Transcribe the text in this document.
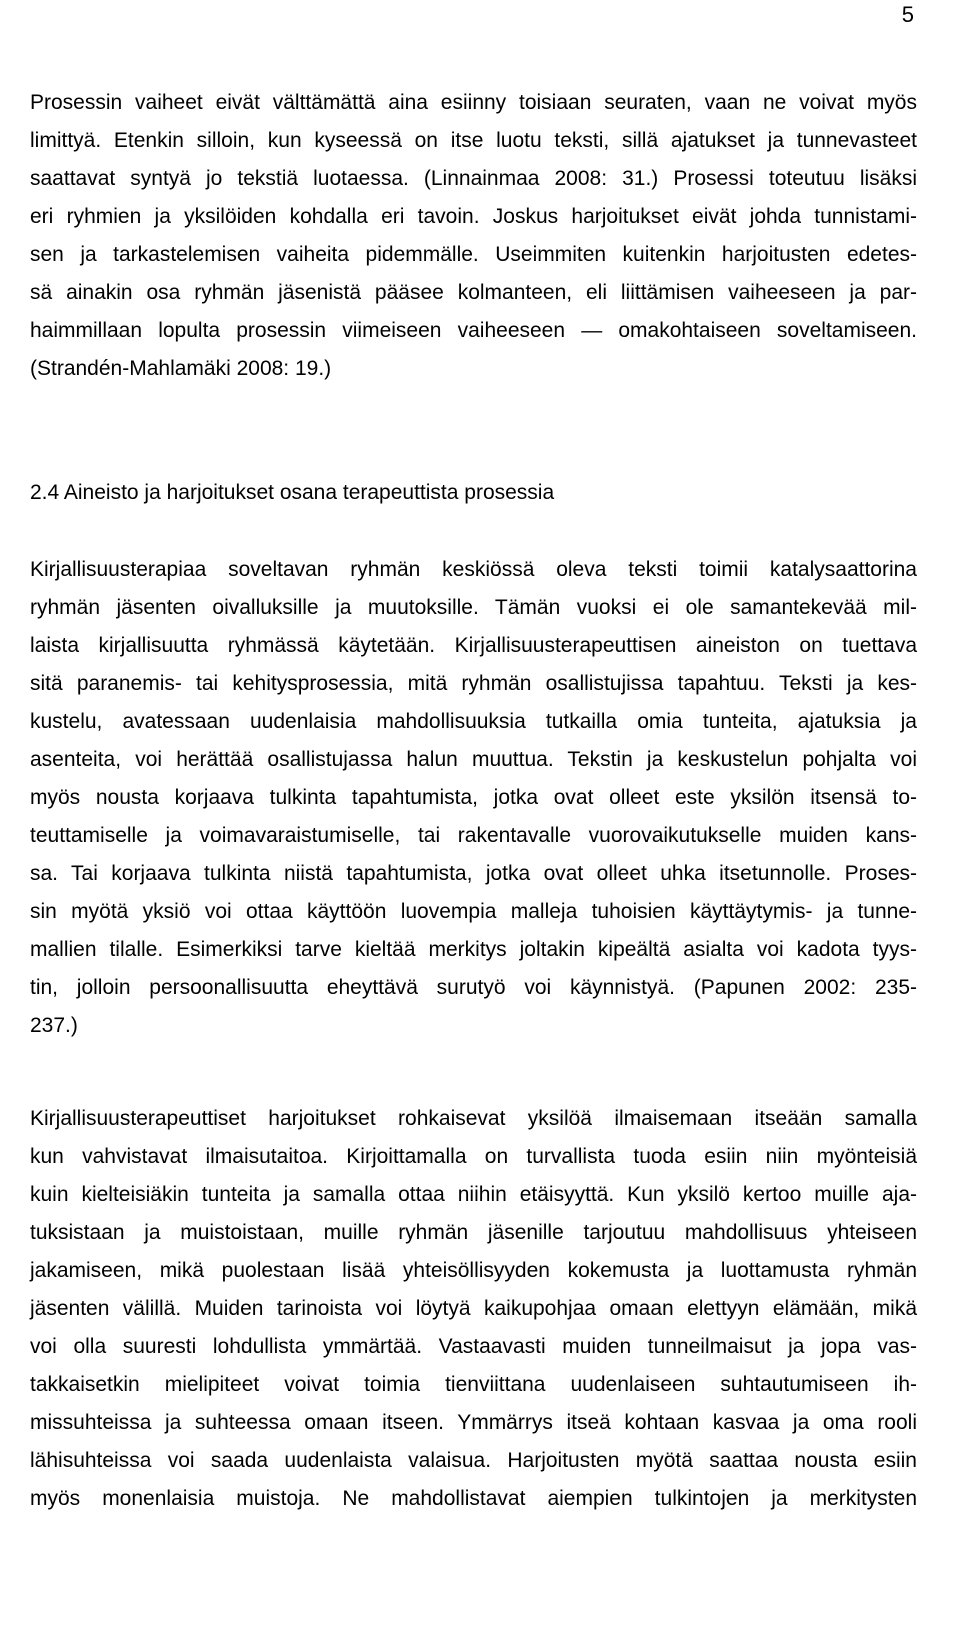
5
Prosessin vaiheet eivät välttämättä aina esiinny toisiaan seuraten, vaan ne voivat myös
limittyä. Etenkin silloin, kun kyseessä on itse luotu teksti, sillä ajatukset ja tunnevasteet
saattavat syntyä jo tekstiä luotaessa. (Linnainmaa 2008: 31.) Prosessi toteutuu lisäksi
eri ryhmien ja yksilöiden kohdalla eri tavoin. Joskus harjoitukset eivät johda tunnistami-
sen ja tarkastelemisen vaiheita pidemmälle. Useimmiten kuitenkin harjoitusten edetes-
sä ainakin osa ryhmän jäsenistä pääsee kolmanteen, eli liittämisen vaiheeseen ja par-
haimmillaan lopulta prosessin viimeiseen vaiheeseen — omakohtaiseen soveltamiseen.
(Strandén-Mahlamäki 2008: 19.)
2.4 Aineisto ja harjoitukset osana terapeuttista prosessia
Kirjallisuusterapiaa soveltavan ryhmän keskiössä oleva teksti toimii katalysaattorina
ryhmän jäsenten oivalluksille ja muutoksille. Tämän vuoksi ei ole samantekevää mil-
laista kirjallisuutta ryhmässä käytetään. Kirjallisuusterapeuttisen aineiston on tuettava
sitä paranemis- tai kehitysprosessia, mitä ryhmän osallistujissa tapahtuu. Teksti ja kes-
kustelu, avatessaan uudenlaisia mahdollisuuksia tutkailla omia tunteita, ajatuksia ja
asenteita, voi herättää osallistujassa halun muuttua. Tekstin ja keskustelun pohjalta voi
myös nousta korjaava tulkinta tapahtumista, jotka ovat olleet este yksilön itsensä to-
teuttamiselle ja voimavaraistumiselle, tai rakentavalle vuorovaikutukselle muiden kans-
sa. Tai korjaava tulkinta niistä tapahtumista, jotka ovat olleet uhka itsetunnolle. Proses-
sin myötä yksiö voi ottaa käyttöön luovempia malleja tuhoisien käyttäytymis- ja tunne-
mallien tilalle. Esimerkiksi tarve kieltää merkitys joltakin kipeältä asialta voi kadota tyys-
tin, jolloin persoonallisuutta eheyttävä surutyö voi käynnistyä. (Papunen 2002: 235-
237.)
Kirjallisuusterapeuttiset harjoitukset rohkaisevat yksilöä ilmaisemaan itseään samalla
kun vahvistavat ilmaisutaitoa. Kirjoittamalla on turvallista tuoda esiin niin myönteisiä
kuin kielteisiäkin tunteita ja samalla ottaa niihin etäisyyttä. Kun yksilö kertoo muille aja-
tuksistaan ja muistoistaan, muille ryhmän jäsenille tarjoutuu mahdollisuus yhteiseen
jakamiseen, mikä puolestaan lisää yhteisöllisyyden kokemusta ja luottamusta ryhmän
jäsenten välillä. Muiden tarinoista voi löytyä kaikupohjaa omaan elettyyn elämään, mikä
voi olla suuresti lohdullista ymmärtää. Vastaavasti muiden tunneilmaisut ja jopa vas-
takkaisetkin mielipiteet voivat toimia tienviittana uudenlaiseen suhtautumiseen ih-
missuhteissa ja suhteessa omaan itseen. Ymmärrys itseä kohtaan kasvaa ja oma rooli
lähisuhteissa voi saada uudenlaista valaisua. Harjoitusten myötä saattaa nousta esiin
myös monenlaisia muistoja. Ne mahdollistavat aiempien tulkintojen ja merkitysten
